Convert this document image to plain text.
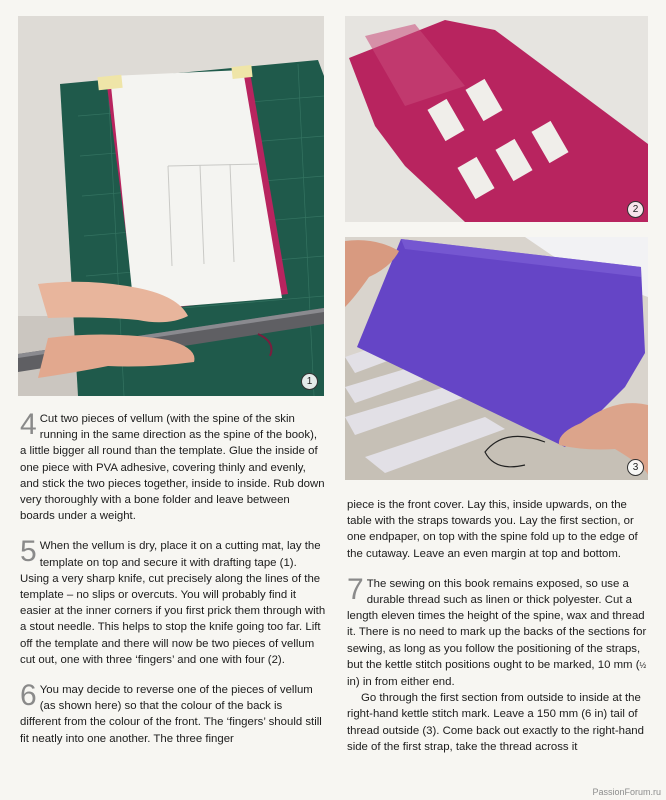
1
2
3

4 Cut two pieces of vellum (with the spine of the skin running in the same direction as the spine of the book), a little bigger all round than the template. Glue the inside of one piece with PVA adhesive, covering thinly and evenly, and stick the two pieces together, inside to inside. Rub down very thoroughly with a bone folder and leave between boards under a weight.

5 When the vellum is dry, place it on a cutting mat, lay the template on top and secure it with drafting tape (1). Using a very sharp knife, cut precisely along the lines of the template – no slips or overcuts. You will probably find it easier at the inner corners if you first prick them through with a stout needle. This helps to stop the knife going too far. Lift off the template and there will now be two pieces of vellum cut out, one with three ‘fingers’ and one with four (2).

6 You may decide to reverse one of the pieces of vellum (as shown here) so that the colour of the back is different from the colour of the front. The ‘fingers’ should still fit neatly into one another. The three finger

piece is the front cover. Lay this, inside upwards, on the table with the straps towards you. Lay the first section, or one endpaper, on top with the spine fold up to the edge of the cutaway. Leave an even margin at top and bottom.

7 The sewing on this book remains exposed, so use a durable thread such as linen or thick polyester. Cut a length eleven times the height of the spine, wax and thread it. There is no need to mark up the backs of the sections for sewing, as long as you follow the positioning of the straps, but the kettle stitch positions ought to be marked, 10 mm (½ in) in from either end.

Go through the first section from outside to inside at the right-hand kettle stitch mark. Leave a 150 mm (6 in) tail of thread outside (3). Come back out exactly to the right-hand side of the first strap, take the thread across it

PassionForum.ru
